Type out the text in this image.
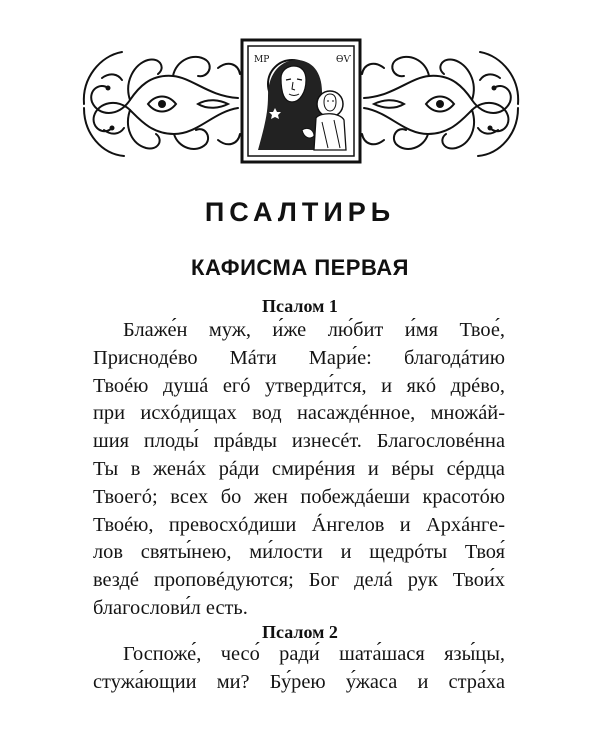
МР	ѲѴ
ПСАЛТИРЬ
КАФИСМА ПЕРВАЯ
Псалом 1
Блаже́н муж, и́же лю́бит и́мя Твое́,
Приснодéво Мáти Мари́е: благодáтию
Твоéю душá егó утверди́тся, и якó дрéво,
при исхóдищах вод насаждéнное, множáй-
шия плоды́ прáвды изнесéт. Благословéнна
Ты в женáх рáди смирéния и вéры сéрдца
Твоегó; всех бо жен побеждáеши красотóю
Твоéю, превосхóдиши Áнгелов и Архáнге-
лов святы́нею, ми́лости и щедрóты Твоя́
вездé проповéдуются; Бог делá рук Твои́х
благослови́л есть.
Псалом 2
Госпоже́, чесо́ ради́ шата́шася язы́цы,
стужа́ющии ми? Бу́рею у́жаса и стра́ха
